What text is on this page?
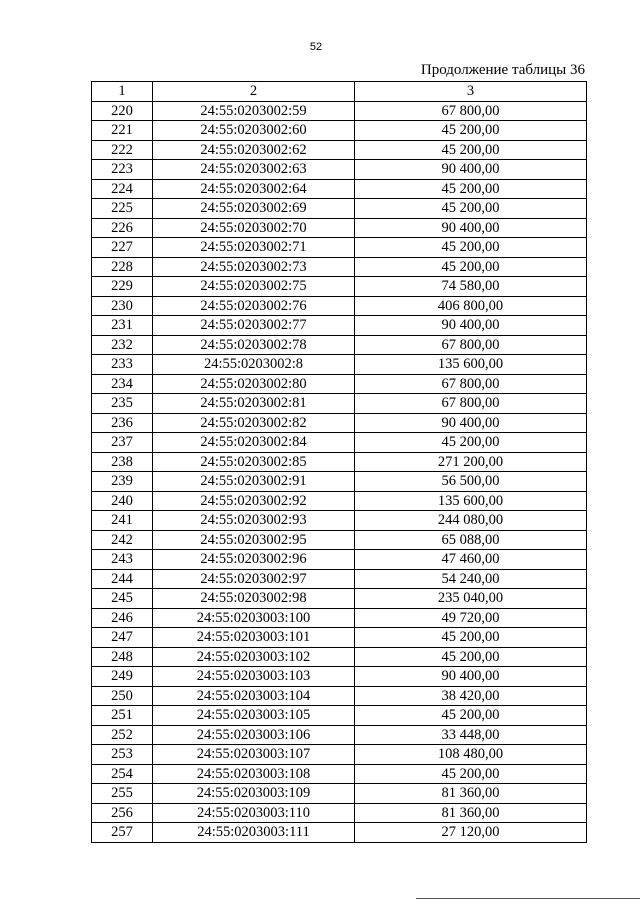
52
Продолжение таблицы 36
1	2	3
220	24:55:0203002:59	67 800,00
221	24:55:0203002:60	45 200,00
222	24:55:0203002:62	45 200,00
223	24:55:0203002:63	90 400,00
224	24:55:0203002:64	45 200,00
225	24:55:0203002:69	45 200,00
226	24:55:0203002:70	90 400,00
227	24:55:0203002:71	45 200,00
228	24:55:0203002:73	45 200,00
229	24:55:0203002:75	74 580,00
230	24:55:0203002:76	406 800,00
231	24:55:0203002:77	90 400,00
232	24:55:0203002:78	67 800,00
233	24:55:0203002:8	135 600,00
234	24:55:0203002:80	67 800,00
235	24:55:0203002:81	67 800,00
236	24:55:0203002:82	90 400,00
237	24:55:0203002:84	45 200,00
238	24:55:0203002:85	271 200,00
239	24:55:0203002:91	56 500,00
240	24:55:0203002:92	135 600,00
241	24:55:0203002:93	244 080,00
242	24:55:0203002:95	65 088,00
243	24:55:0203002:96	47 460,00
244	24:55:0203002:97	54 240,00
245	24:55:0203002:98	235 040,00
246	24:55:0203003:100	49 720,00
247	24:55:0203003:101	45 200,00
248	24:55:0203003:102	45 200,00
249	24:55:0203003:103	90 400,00
250	24:55:0203003:104	38 420,00
251	24:55:0203003:105	45 200,00
252	24:55:0203003:106	33 448,00
253	24:55:0203003:107	108 480,00
254	24:55:0203003:108	45 200,00
255	24:55:0203003:109	81 360,00
256	24:55:0203003:110	81 360,00
257	24:55:0203003:111	27 120,00
